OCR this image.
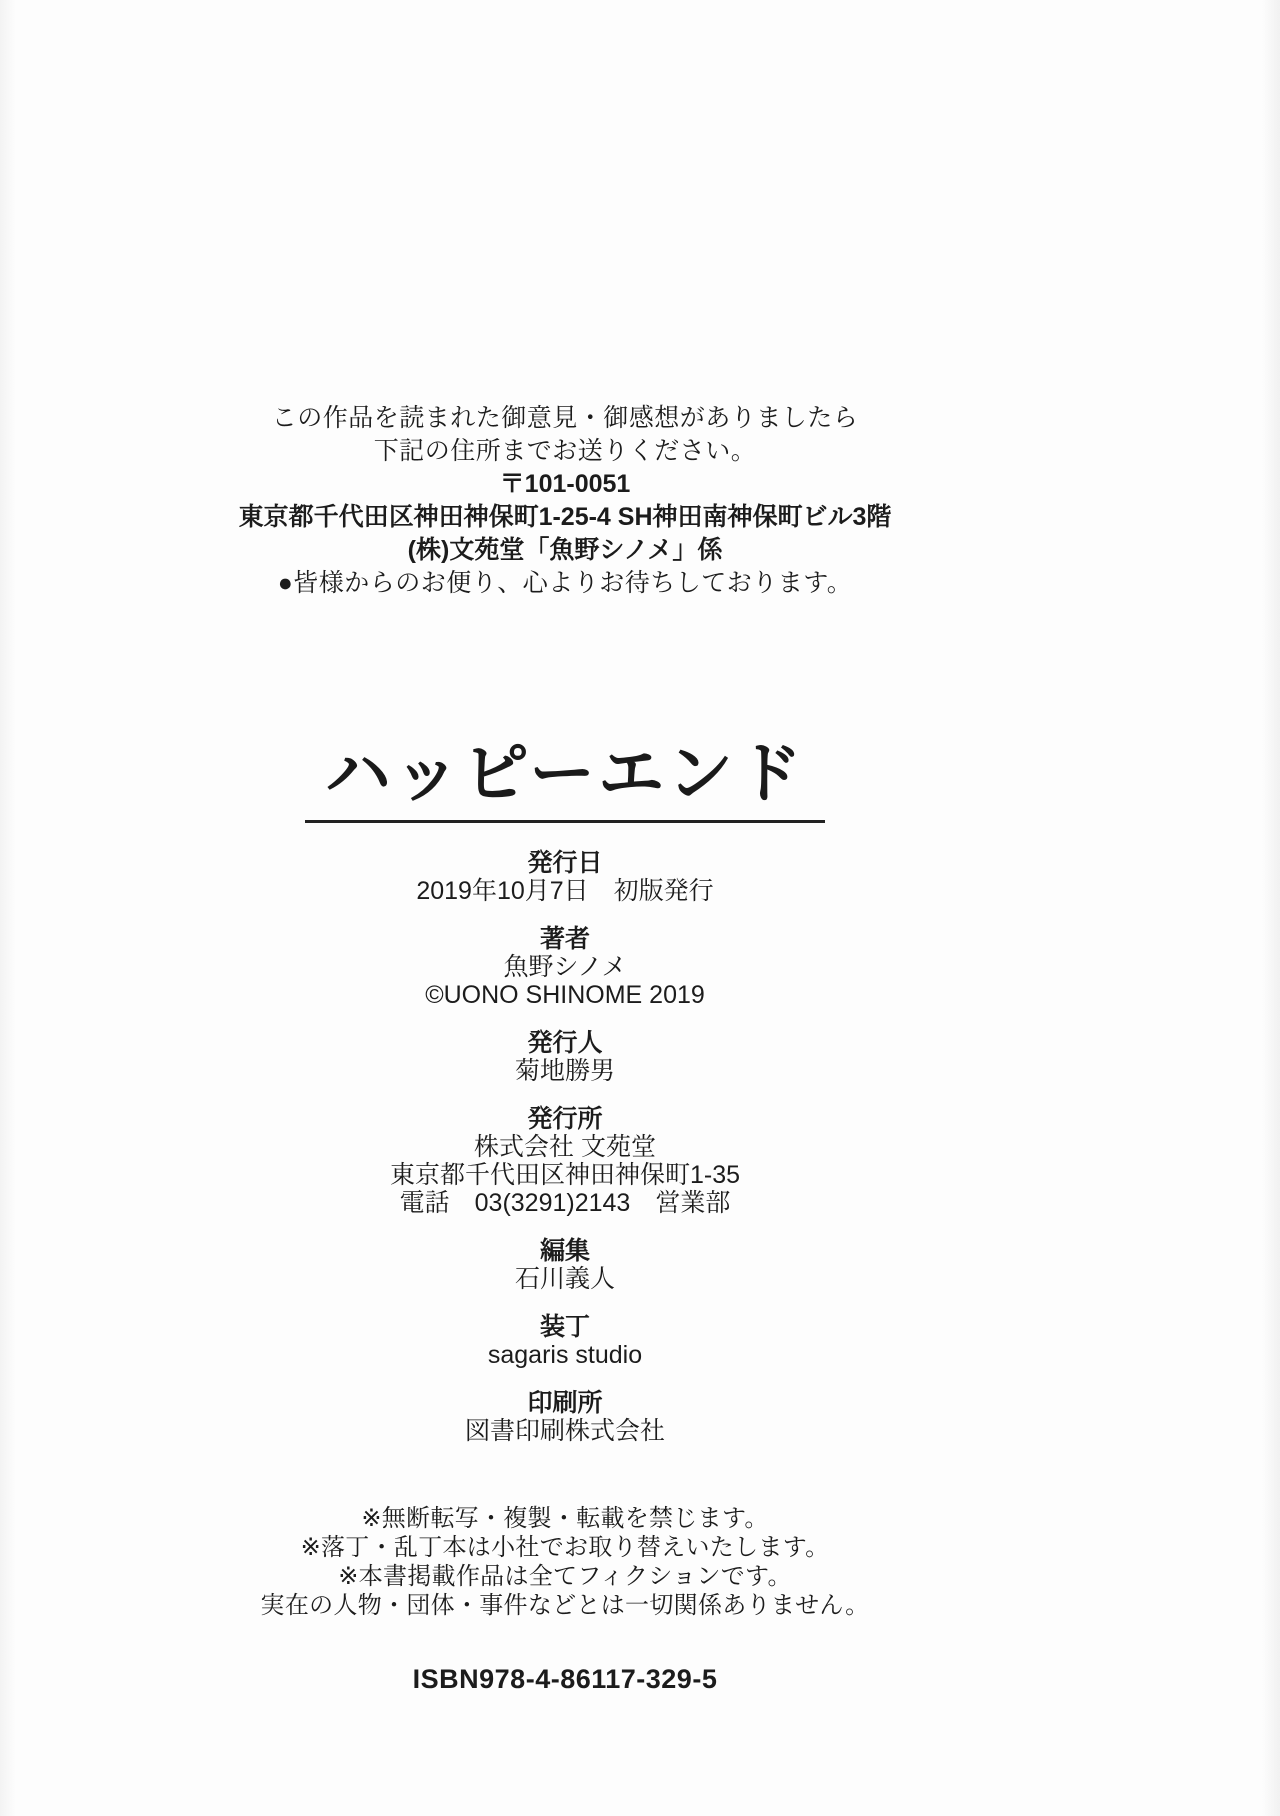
この作品を読まれた御意見・御感想がありましたら
下記の住所までお送りください。
〒101-0051
東京都千代田区神田神保町1-25-4 SH神田南神保町ビル3階
(株)文苑堂「魚野シノメ」係
●皆様からのお便り、心よりお待ちしております。
ハッピーエンド
発行日
2019年10月7日　初版発行
著者
魚野シノメ
©UONO SHINOME 2019
発行人
菊地勝男
発行所
株式会社 文苑堂
東京都千代田区神田神保町1-35
電話　03(3291)2143　営業部
編集
石川義人
装丁
sagaris studio
印刷所
図書印刷株式会社
※無断転写・複製・転載を禁じます。
※落丁・乱丁本は小社でお取り替えいたします。
※本書掲載作品は全てフィクションです。
実在の人物・団体・事件などとは一切関係ありません。
ISBN978-4-86117-329-5
